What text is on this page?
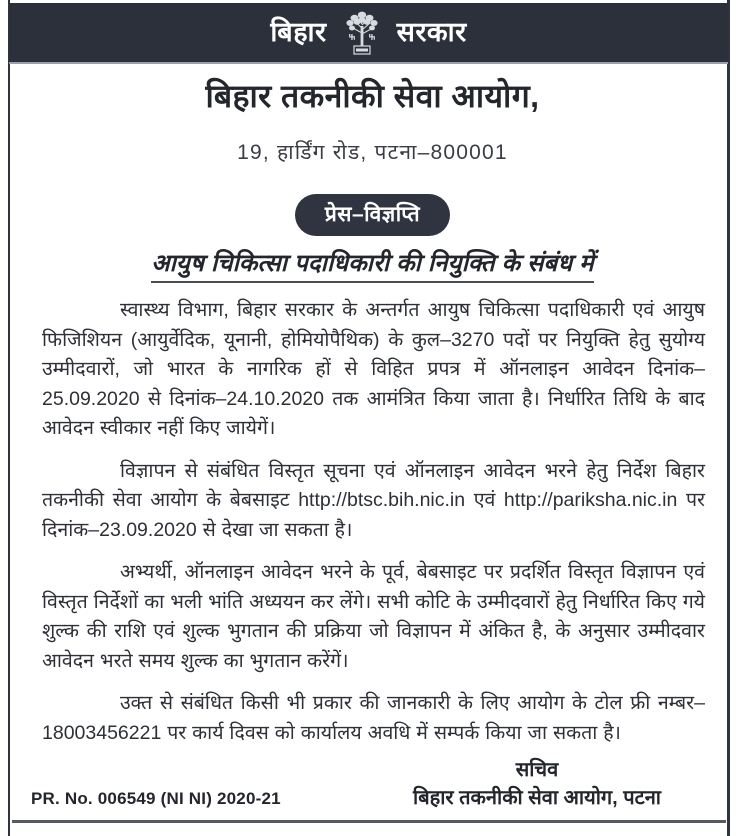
बिहार	सरकार
बिहार तकनीकी सेवा आयोग,
19, हार्डिंग रोड, पटना–800001
प्रेस–विज्ञप्ति
आयुष चिकित्सा पदाधिकारी की नियुक्ति के संबंध में

स्वास्थ्य विभाग, बिहार सरकार के अन्तर्गत आयुष चिकित्सा पदाधिकारी एवं आयुष फिजिशियन (आयुर्वेदिक, यूनानी, होमियोपैथिक) के कुल–3270 पदों पर नियुक्ति हेतु सुयोग्य उम्मीदवारों, जो भारत के नागरिक हों से विहित प्रपत्र में ऑनलाइन आवेदन दिनांक–25.09.2020 से दिनांक–24.10.2020 तक आमंत्रित किया जाता है। निर्धारित तिथि के बाद आवेदन स्वीकार नहीं किए जायेगें।

विज्ञापन से संबंधित विस्तृत सूचना एवं ऑनलाइन आवेदन भरने हेतु निर्देश बिहार तकनीकी सेवा आयोग के बेबसाइट http://btsc.bih.nic.in एवं http://pariksha.nic.in पर दिनांक–23.09.2020 से देखा जा सकता है।

अभ्यर्थी, ऑनलाइन आवेदन भरने के पूर्व, बेबसाइट पर प्रदर्शित विस्तृत विज्ञापन एवं विस्तृत निर्देशों का भली भांति अध्ययन कर लेंगे। सभी कोटि के उम्मीदवारों हेतु निर्धारित किए गये शुल्क की राशि एवं शुल्क भुगतान की प्रक्रिया जो विज्ञापन में अंकित है, के अनुसार उम्मीदवार आवेदन भरते समय शुल्क का भुगतान करेंगें।

उक्त से संबंधित किसी भी प्रकार की जानकारी के लिए आयोग के टोल फ्री नम्बर–18003456221 पर कार्य दिवस को कार्यालय अवधि में सम्पर्क किया जा सकता है।

PR. No. 006549 (NI NI) 2020-21
सचिव
बिहार तकनीकी सेवा आयोग, पटना
